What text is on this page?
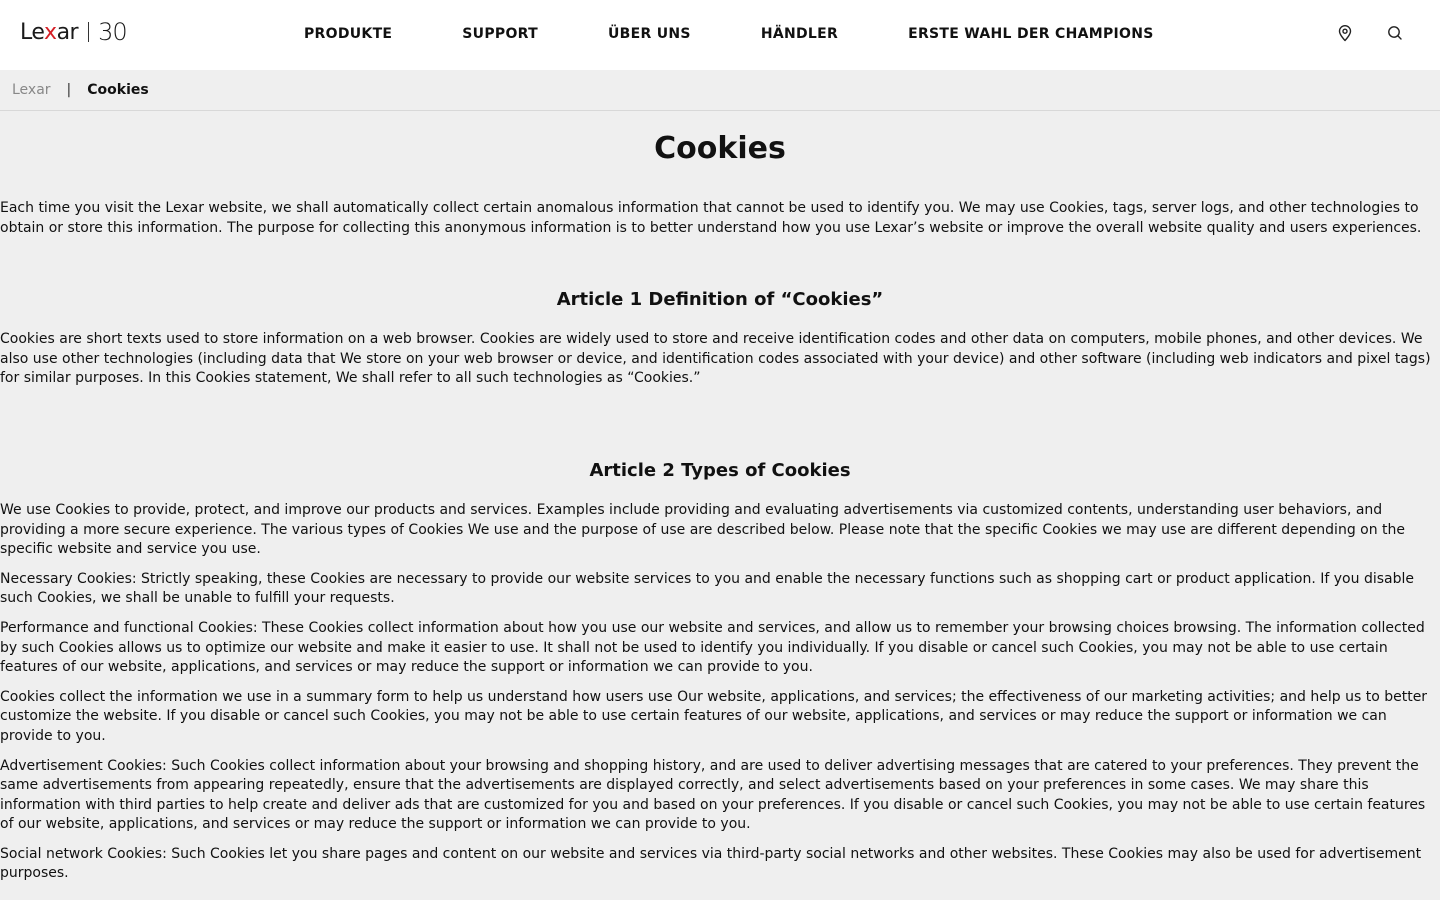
Lexar 30	PRODUKTE	SUPPORT	ÜBER UNS	HÄNDLER	ERSTE WAHL DER CHAMPIONS
Lexar | Cookies
Cookies

Each time you visit the Lexar website, we shall automatically collect certain anomalous information that cannot be used to identify you. We may use Cookies, tags, server logs, and other technologies to obtain or store this information. The purpose for collecting this anonymous information is to better understand how you use Lexar’s website or improve the overall website quality and users experiences.

Article 1 Definition of “Cookies”

Cookies are short texts used to store information on a web browser. Cookies are widely used to store and receive identification codes and other data on computers, mobile phones, and other devices. We also use other technologies (including data that We store on your web browser or device, and identification codes associated with your device) and other software (including web indicators and pixel tags) for similar purposes. In this Cookies statement, We shall refer to all such technologies as “Cookies.”

Article 2 Types of Cookies

We use Cookies to provide, protect, and improve our products and services. Examples include providing and evaluating advertisements via customized contents, understanding user behaviors, and providing a more secure experience. The various types of Cookies We use and the purpose of use are described below. Please note that the specific Cookies we may use are different depending on the specific website and service you use.

Necessary Cookies: Strictly speaking, these Cookies are necessary to provide our website services to you and enable the necessary functions such as shopping cart or product application. If you disable such Cookies, we shall be unable to fulfill your requests.

Performance and functional Cookies: These Cookies collect information about how you use our website and services, and allow us to remember your browsing choices browsing. The information collected by such Cookies allows us to optimize our website and make it easier to use. It shall not be used to identify you individually. If you disable or cancel such Cookies, you may not be able to use certain features of our website, applications, and services or may reduce the support or information we can provide to you.

Cookies collect the information we use in a summary form to help us understand how users use Our website, applications, and services; the effectiveness of our marketing activities; and help us to better customize the website. If you disable or cancel such Cookies, you may not be able to use certain features of our website, applications, and services or may reduce the support or information we can provide to you.

Advertisement Cookies: Such Cookies collect information about your browsing and shopping history, and are used to deliver advertising messages that are catered to your preferences. They prevent the same advertisements from appearing repeatedly, ensure that the advertisements are displayed correctly, and select advertisements based on your preferences in some cases. We may share this information with third parties to help create and deliver ads that are customized for you and based on your preferences. If you disable or cancel such Cookies, you may not be able to use certain features of our website, applications, and services or may reduce the support or information we can provide to you.

Social network Cookies: Such Cookies let you share pages and content on our website and services via third-party social networks and other websites. These Cookies may also be used for advertisement purposes.
